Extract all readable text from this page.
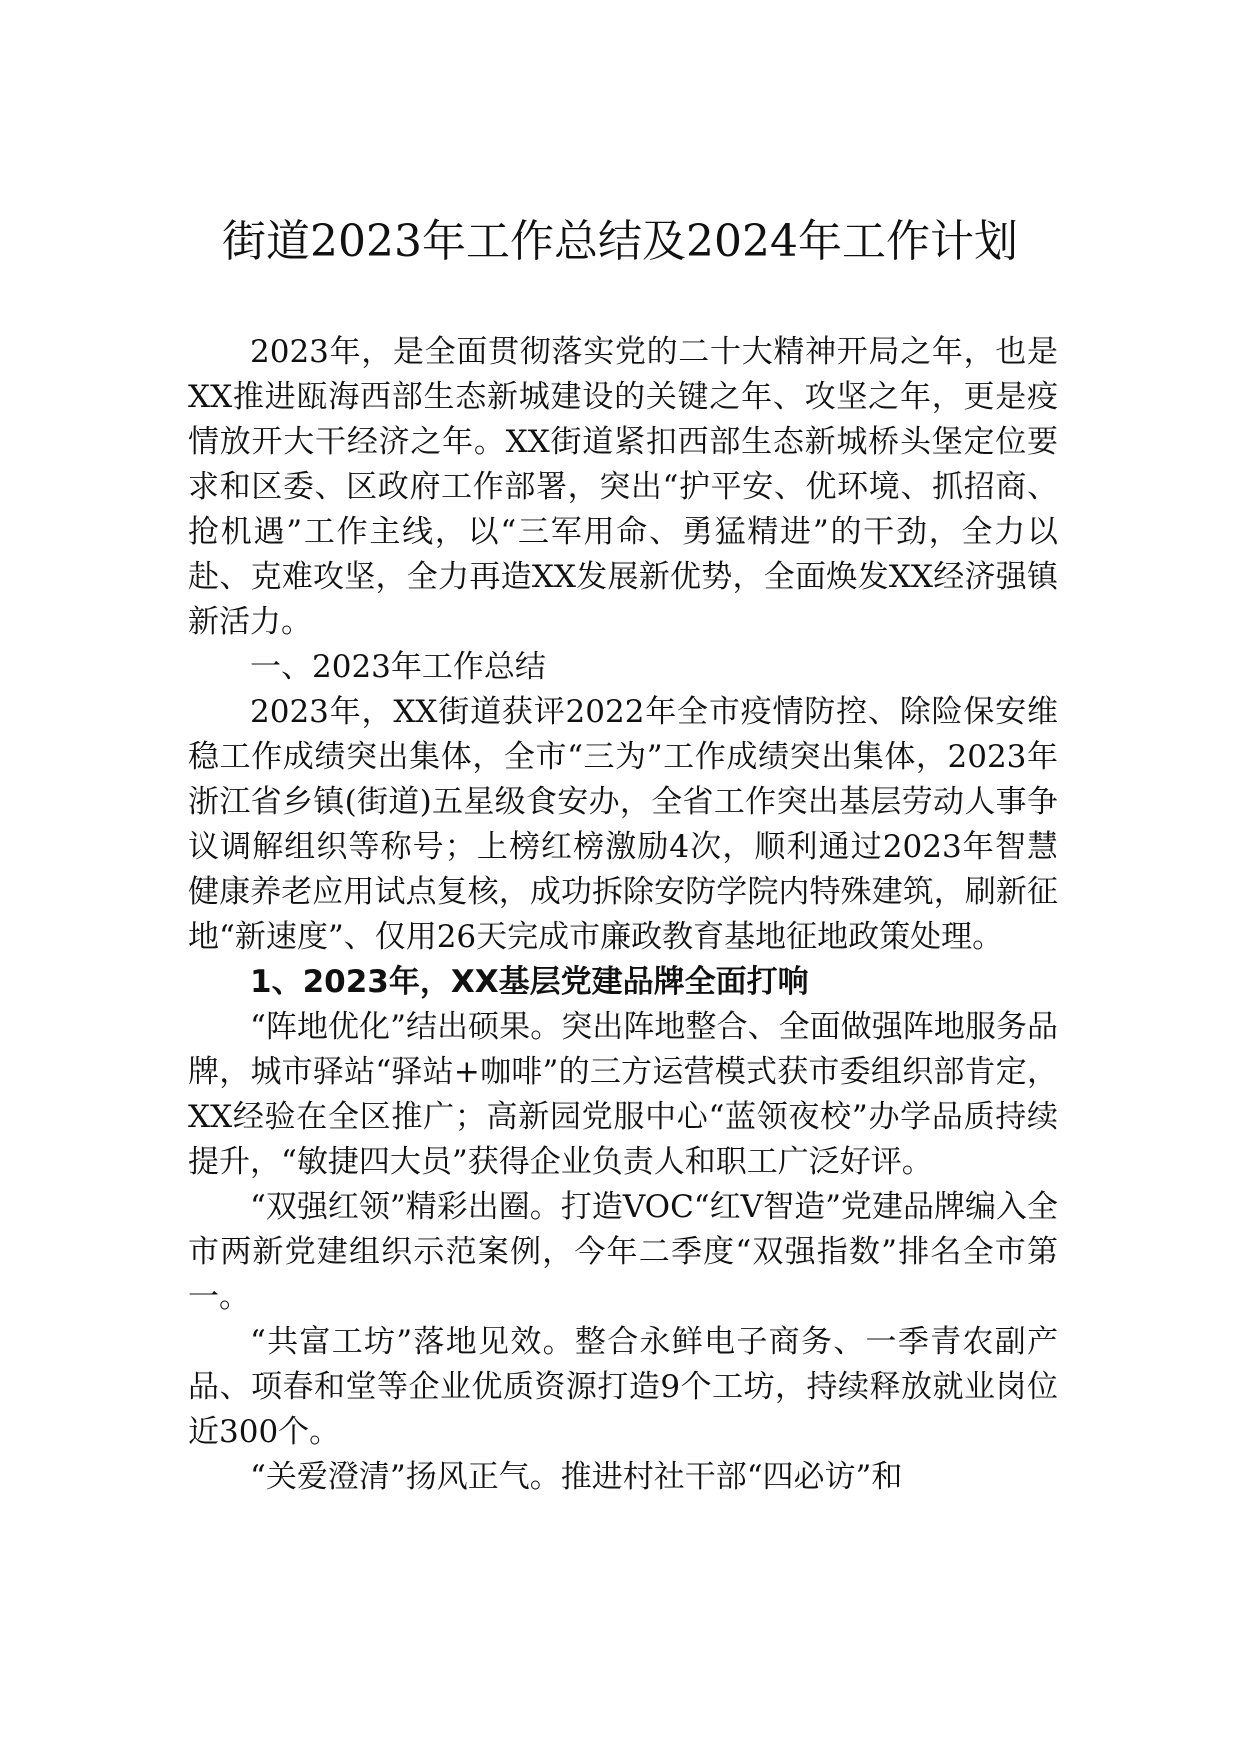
街道2023年工作总结及2024年工作计划

2023年，是全面贯彻落实党的二十大精神开局之年，也是XX推进瓯海西部生态新城建设的关键之年、攻坚之年，更是疫情放开大干经济之年。XX街道紧扣西部生态新城桥头堡定位要求和区委、区政府工作部署，突出“护平安、优环境、抓招商、抢机遇”工作主线，以“三军用命、勇猛精进”的干劲，全力以赴、克难攻坚，全力再造XX发展新优势，全面焕发XX经济强镇新活力。

一、2023年工作总结

2023年，XX街道获评2022年全市疫情防控、除险保安维稳工作成绩突出集体，全市“三为”工作成绩突出集体，2023年浙江省乡镇(街道)五星级食安办，全省工作突出基层劳动人事争议调解组织等称号；上榜红榜激励4次，顺利通过2023年智慧健康养老应用试点复核，成功拆除安防学院内特殊建筑，刷新征地“新速度”、仅用26天完成市廉政教育基地征地政策处理。

1、2023年，XX基层党建品牌全面打响

“阵地优化”结出硕果。突出阵地整合、全面做强阵地服务品牌，城市驿站“驿站+咖啡”的三方运营模式获市委组织部肯定，XX经验在全区推广；高新园党服中心“蓝领夜校”办学品质持续提升，“敏捷四大员”获得企业负责人和职工广泛好评。

“双强红领”精彩出圈。打造VOC“红V智造”党建品牌编入全市两新党建组织示范案例，今年二季度“双强指数”排名全市第一。

“共富工坊”落地见效。整合永鲜电子商务、一季青农副产品、项春和堂等企业优质资源打造9个工坊，持续释放就业岗位近300个。

“关爱澄清”扬风正气。推进村社干部“四必访”和
